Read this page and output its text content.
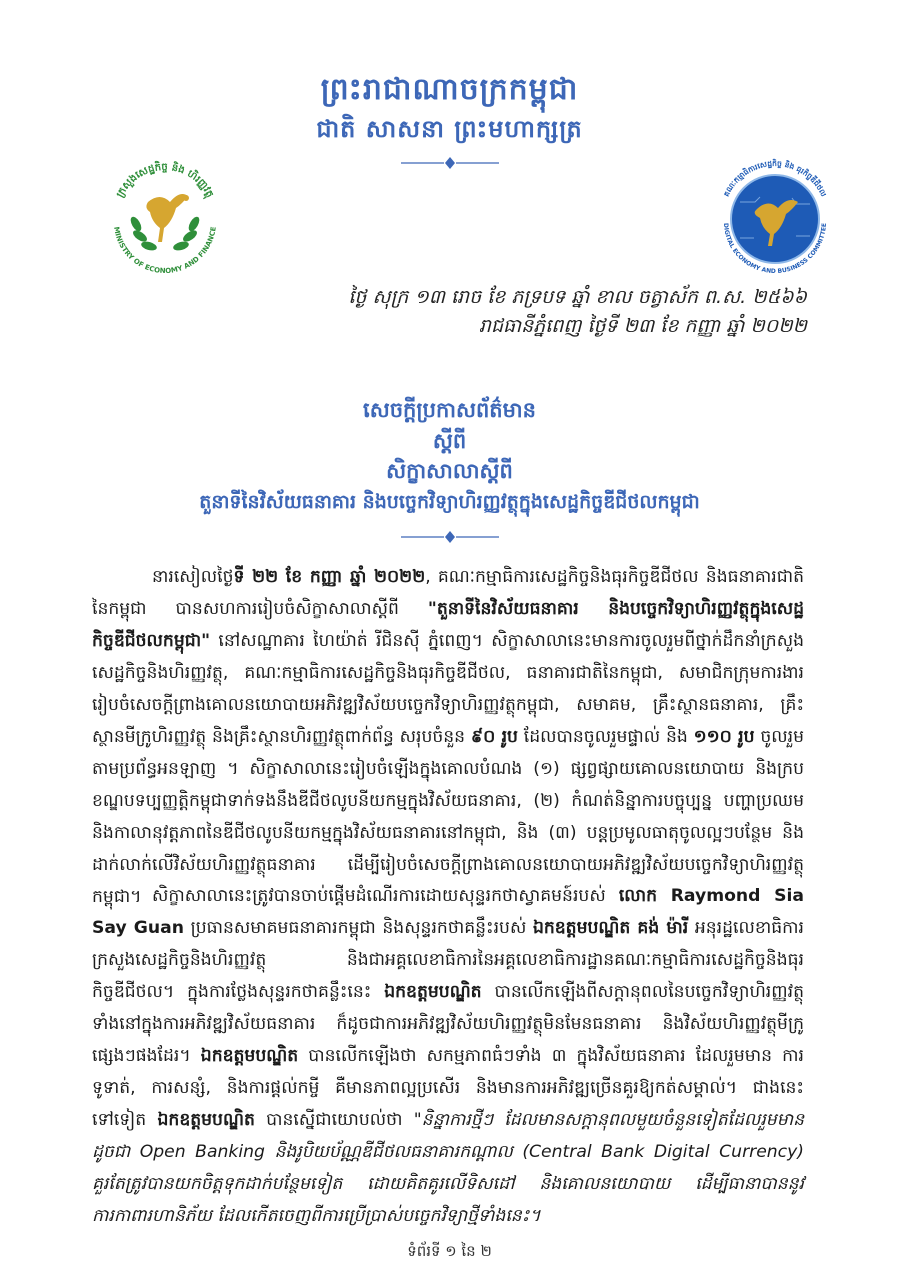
ព្រះរាជាណាចក្រកម្ពុជា
ជាតិ សាសនា ព្រះមហាក្សត្រ
ក្រសួងសេដ្ឋកិច្ច និង ហិរញ្ញវត្ថុ
MINISTRY OF ECONOMY AND FINANCE
គណៈកម្មាធិការសេដ្ឋកិច្ច និង ធុរកិច្ចឌីជីថល
DIGITAL ECONOMY AND BUSINESS COMMITTEE
ថ្ងៃ សុក្រ ១៣ រោច ខែ ភទ្របទ ឆ្នាំ ខាល ចត្វាស័ក ព.ស. ២៥៦៦
រាជធានីភ្នំពេញ ថ្ងៃទី ២៣ ខែ កញ្ញា ឆ្នាំ ២០២២
សេចក្ដីប្រកាសព័ត៌មាន
ស្ដីពី
សិក្ខាសាលាស្ដីពី
តួនាទីនៃវិស័យធនាគារ និងបច្ចេកវិទ្យាហិរញ្ញវត្ថុក្នុងសេដ្ឋកិច្ចឌីជីថលកម្ពុជា

នារសៀលថ្ងៃទី ២២ ខែ កញ្ញា ឆ្នាំ ២០២២, គណៈកម្មាធិការសេដ្ឋកិច្ចនិងធុរកិច្ចឌីជីថល និងធនាគារជាតិនៃកម្ពុជា បានសហការរៀបចំសិក្ខាសាលាស្ដីពី "តួនាទីនៃវិស័យធនាគារ និងបច្ចេកវិទ្យាហិរញ្ញវត្ថុក្នុងសេដ្ឋកិច្ចឌីជីថលកម្ពុជា" នៅសណ្ឋាគារ ហៃយ៉ាត់ រីជិនស៊ី ភ្នំពេញ។ សិក្ខាសាលានេះមានការចូលរួមពីថ្នាក់ដឹកនាំក្រសួងសេដ្ឋកិច្ចនិងហិរញ្ញវត្ថុ, គណៈកម្មាធិការសេដ្ឋកិច្ចនិងធុរកិច្ចឌីជីថល, ធនាគារជាតិនៃកម្ពុជា, សមាជិកក្រុមការងាររៀបចំសេចក្ដីព្រាងគោលនយោបាយអភិវឌ្ឍវិស័យបច្ចេកវិទ្យាហិរញ្ញវត្ថុកម្ពុជា, សមាគម, គ្រឹះស្ថានធនាគារ, គ្រឹះស្ថានមីក្រូហិរញ្ញវត្ថុ និងគ្រឹះស្ថានហិរញ្ញវត្ថុពាក់ព័ន្ធ សរុបចំនួន ៩០ រូប ដែលបានចូលរួមផ្ទាល់ និង ១១០ រូប ចូលរួមតាមប្រព័ន្ធអនឡាញ ។ សិក្ខាសាលានេះរៀបចំឡើងក្នុងគោលបំណង (១) ផ្សព្វផ្សាយគោលនយោបាយ និងក្របខណ្ឌបទប្បញ្ញត្តិកម្ពុជាទាក់ទងនឹងឌីជីថលូបនីយកម្មក្នុងវិស័យធនាគារ, (២) កំណត់និន្នាការបច្ចុប្បន្ន បញ្ហាប្រឈម និងកាលានុវត្តភាពនៃឌីជីថលូបនីយកម្មក្នុងវិស័យធនាគារនៅកម្ពុជា, និង (៣) បន្តប្រមូលធាតុចូលល្អៗបន្ថែម និងដាក់លាក់លើវិស័យហិរញ្ញវត្ថុធនាគារ ដើម្បីរៀបចំសេចក្ដីព្រាងគោលនយោបាយអភិវឌ្ឍវិស័យបច្ចេកវិទ្យាហិរញ្ញវត្ថុកម្ពុជា។ សិក្ខាសាលានេះត្រូវបានចាប់ផ្ដើមដំណើរការដោយសុន្ទរកថាស្វាគមន៍របស់ លោក Raymond Sia Say Guan ប្រធានសមាគមធនាគារកម្ពុជា និងសុន្ទរកថាគន្លឹះរបស់ ឯកឧត្តមបណ្ឌិត គង់ ម៉ារី អនុរដ្ឋលេខាធិការក្រសួងសេដ្ឋកិច្ចនិងហិរញ្ញវត្ថុ និងជាអគ្គលេខាធិការនៃអគ្គលេខាធិការដ្ឋានគណៈកម្មាធិការសេដ្ឋកិច្ចនិងធុរកិច្ចឌីជីថល។ ក្នុងការថ្លែងសុន្ទរកថាគន្លឹះនេះ ឯកឧត្តមបណ្ឌិត បានលើកឡើងពីសក្ដានុពលនៃបច្ចេកវិទ្យាហិរញ្ញវត្ថុ ទាំងនៅក្នុងការអភិវឌ្ឍវិស័យធនាគារ ក៏ដូចជាការអភិវឌ្ឍវិស័យហិរញ្ញវត្ថុមិនមែនធនាគារ និងវិស័យហិរញ្ញវត្ថុមីក្រូផ្សេងៗផងដែរ។ ឯកឧត្តមបណ្ឌិត បានលើកឡើងថា សកម្មភាពធំៗទាំង ៣ ក្នុងវិស័យធនាគារ ដែលរួមមាន ការទូទាត់, ការសន្សំ, និងការផ្ដល់កម្ចី គឺមានភាពល្អប្រសើរ និងមានការអភិវឌ្ឍច្រើនគួរឱ្យកត់សម្គាល់។ ជាងនេះទៅទៀត ឯកឧត្តមបណ្ឌិត បានស្នើជាយោបល់ថា "និន្នាការថ្មីៗ ដែលមានសក្ដានុពលមួយចំនួនទៀតដែលរួមមាន ដូចជា Open Banking និងរូបិយប័ណ្ណឌីជីថលធនាគារកណ្ដាល (Central Bank Digital Currency) គួរតែត្រូវបានយកចិត្តទុកដាក់បន្ថែមទៀត ដោយគិតគូរលើទិសដៅ និងគោលនយោបាយ ដើម្បីធានាបាននូវការកាពារហានិភ័យ ដែលកើតចេញពីការប្រើប្រាស់បច្ចេកវិទ្យាថ្មីទាំងនេះ។

ទំព័រទី ១ នៃ ២
